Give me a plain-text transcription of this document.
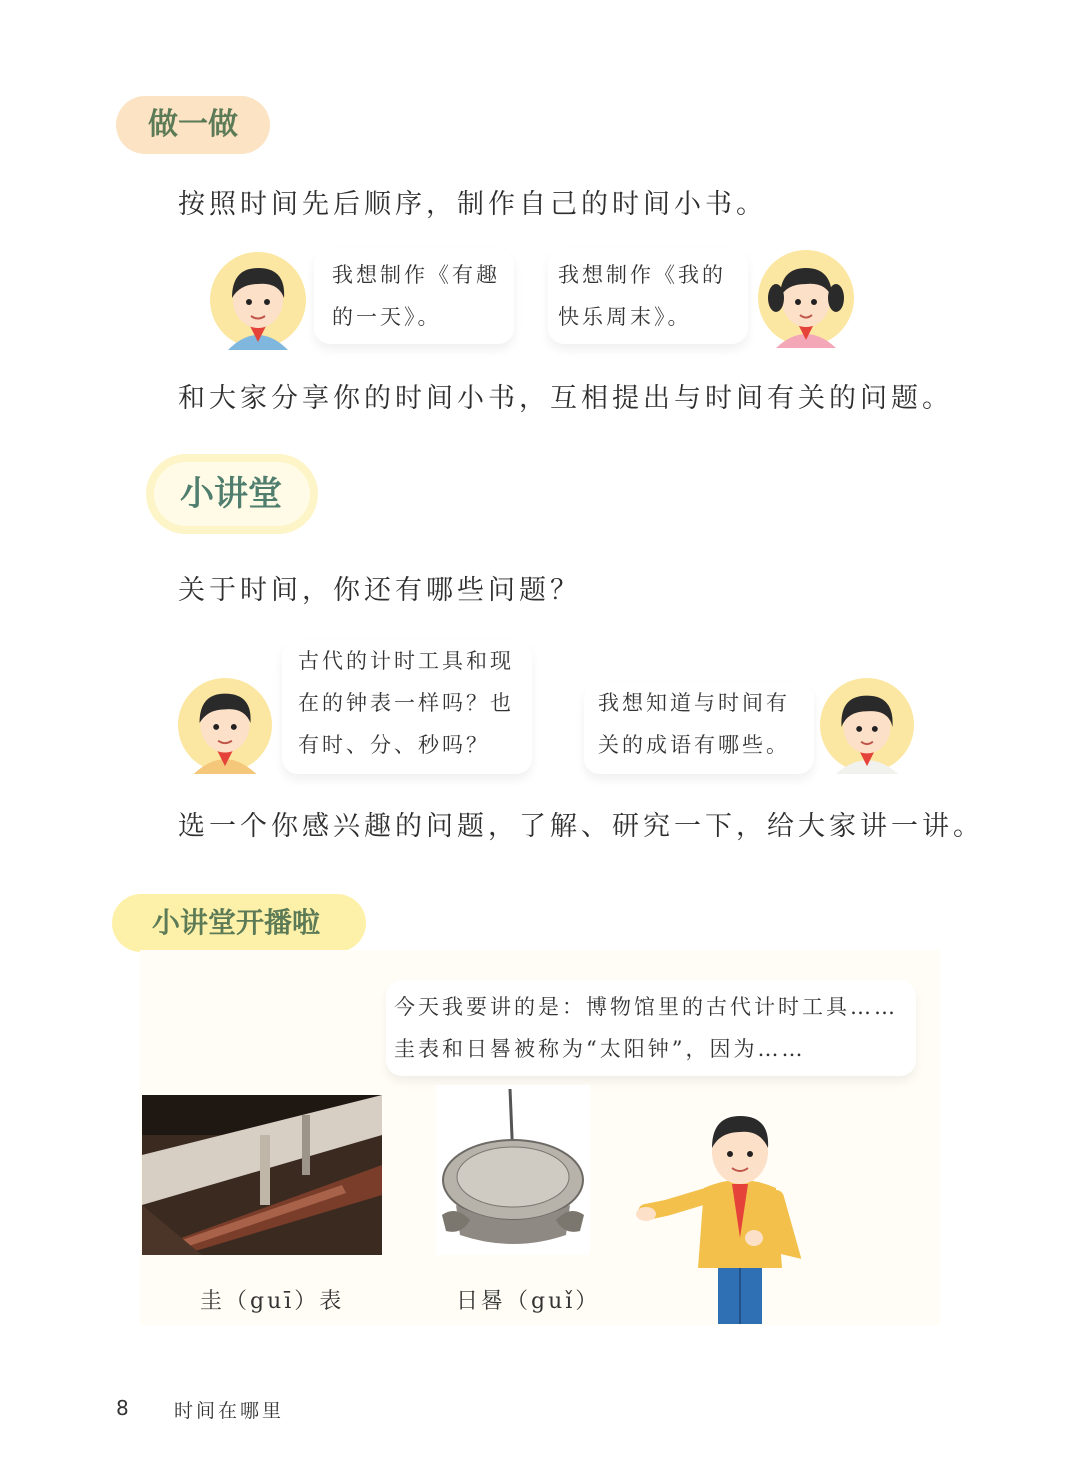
做一做
按照时间先后顺序，制作自己的时间小书。
我想制作《有趣
的一天》。
我想制作《我的
快乐周末》。
和大家分享你的时间小书，互相提出与时间有关的问题。
小讲堂
关于时间，你还有哪些问题？
古代的计时工具和现
在的钟表一样吗？也
有时、分、秒吗？
我想知道与时间有
关的成语有哪些。
选一个你感兴趣的问题，了解、研究一下，给大家讲一讲。
小讲堂开播啦
今天我要讲的是：博物馆里的古代计时工具……
圭表和日晷被称为“太阳钟”，因为……
圭（guī）表	日晷（guǐ）
8 时间在哪里
